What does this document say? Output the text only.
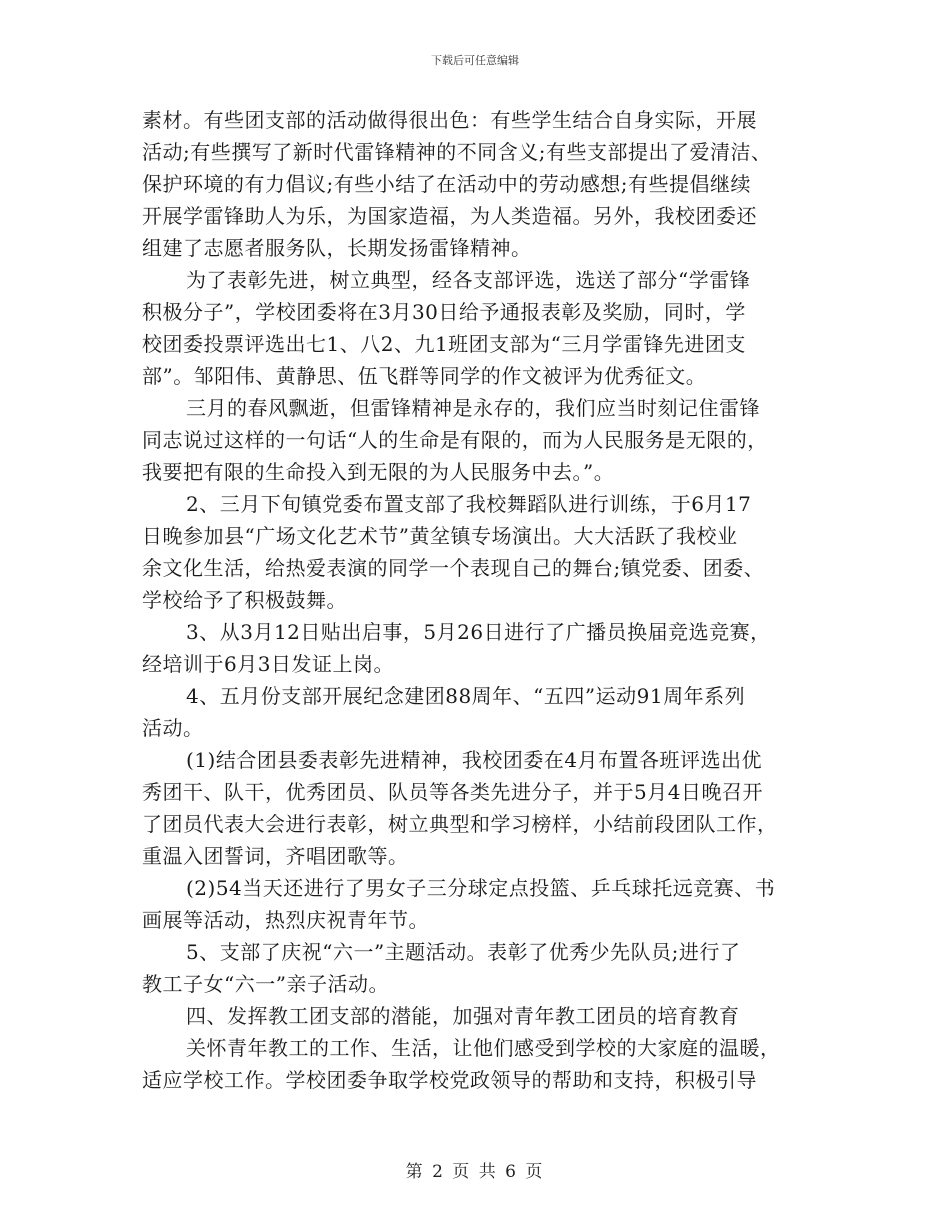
下载后可任意编辑
素材。有些团支部的活动做得很出色：有些学生结合自身实际，开展
活动;有些撰写了新时代雷锋精神的不同含义;有些支部提出了爱清洁、
保护环境的有力倡议;有些小结了在活动中的劳动感想;有些提倡继续
开展学雷锋助人为乐，为国家造福，为人类造福。另外，我校团委还
组建了志愿者服务队，长期发扬雷锋精神。
为了表彰先进，树立典型，经各支部评选，选送了部分“学雷锋
积极分子”，学校团委将在3月30日给予通报表彰及奖励，同时，学
校团委投票评选出七1、八2、九1班团支部为“三月学雷锋先进团支
部”。邹阳伟、黄静思、伍飞群等同学的作文被评为优秀征文。
三月的春风飘逝，但雷锋精神是永存的，我们应当时刻记住雷锋
同志说过这样的一句话“人的生命是有限的，而为人民服务是无限的，
我要把有限的生命投入到无限的为人民服务中去。”。
2、三月下旬镇党委布置支部了我校舞蹈队进行训练，于6月17
日晚参加县“广场文化艺术节”黄坌镇专场演出。大大活跃了我校业
余文化生活，给热爱表演的同学一个表现自己的舞台;镇党委、团委、
学校给予了积极鼓舞。
3、从3月12日贴出启事，5月26日进行了广播员换届竞选竞赛，
经培训于6月3日发证上岗。
4、五月份支部开展纪念建团88周年、“五四”运动91周年系列
活动。
(1)结合团县委表彰先进精神，我校团委在4月布置各班评选出优
秀团干、队干，优秀团员、队员等各类先进分子，并于5月4日晚召开
了团员代表大会进行表彰，树立典型和学习榜样，小结前段团队工作，
重温入团誓词，齐唱团歌等。
(2)54当天还进行了男女子三分球定点投篮、乒乓球托远竞赛、书
画展等活动，热烈庆祝青年节。
5、支部了庆祝“六一”主题活动。表彰了优秀少先队员;进行了
教工子女“六一”亲子活动。
四、发挥教工团支部的潜能，加强对青年教工团员的培育教育
关怀青年教工的工作、生活，让他们感受到学校的大家庭的温暖，
适应学校工作。学校团委争取学校党政领导的帮助和支持，积极引导
第 2 页 共 6 页
